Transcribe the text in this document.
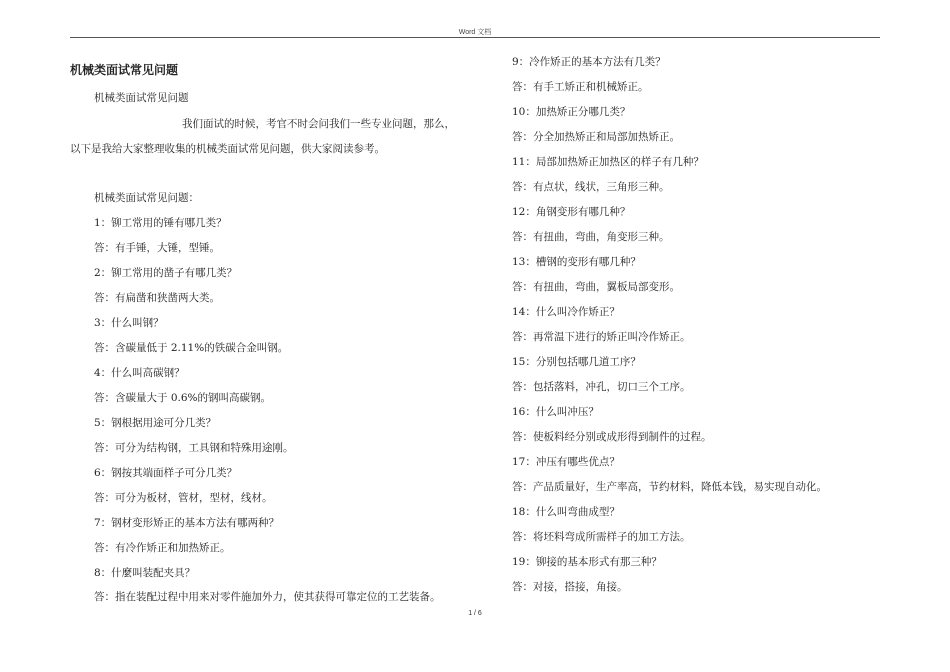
Word 文档
机械类面试常见问题
机械类面试常见问题
我们面试的时候，考官不时会问我们一些专业问题，那么，
以下是我给大家整理收集的机械类面试常见问题，供大家阅读参考。
机械类面试常见问题：
1：铆工常用的锤有哪几类？
答：有手锤，大锤，型锤。
2：铆工常用的凿子有哪几类？
答：有扁凿和狭凿两大类。
3：什么叫钢？
答：含碳量低于 2.11%的铁碳合金叫钢。
4：什么叫高碳钢？
答：含碳量大于 0.6%的钢叫高碳钢。
5：钢根据用途可分几类？
答：可分为结构钢，工具钢和特殊用途刚。
6：钢按其端面样子可分几类？
答：可分为板材，管材，型材，线材。
7：钢材变形矫正的基本方法有哪两种？
答：有冷作矫正和加热矫正。
8：什麼叫装配夹具？
答：指在装配过程中用来对零件施加外力，使其获得可靠定位的工艺装备。
9：冷作矫正的基本方法有几类？
答：有手工矫正和机械矫正。
10：加热矫正分哪几类？
答：分全加热矫正和局部加热矫正。
11：局部加热矫正加热区的样子有几种？
答：有点状，线状，三角形三种。
12：角钢变形有哪几种？
答：有扭曲，弯曲，角变形三种。
13：槽钢的变形有哪几种？
答：有扭曲，弯曲，翼板局部变形。
14：什么叫冷作矫正？
答：再常温下进行的矫正叫冷作矫正。
15：分别包括哪几道工序？
答：包括落料，冲孔，切口三个工序。
16：什么叫冲压？
答：使板料经分别或成形得到制件的过程。
17：冲压有哪些优点？
答：产品质量好，生产率高，节约材料，降低本钱，易实现自动化。
18：什么叫弯曲成型？
答：将坯料弯成所需样子的加工方法。
19：铆接的基本形式有那三种？
答：对接，搭接，角接。
1 / 6
